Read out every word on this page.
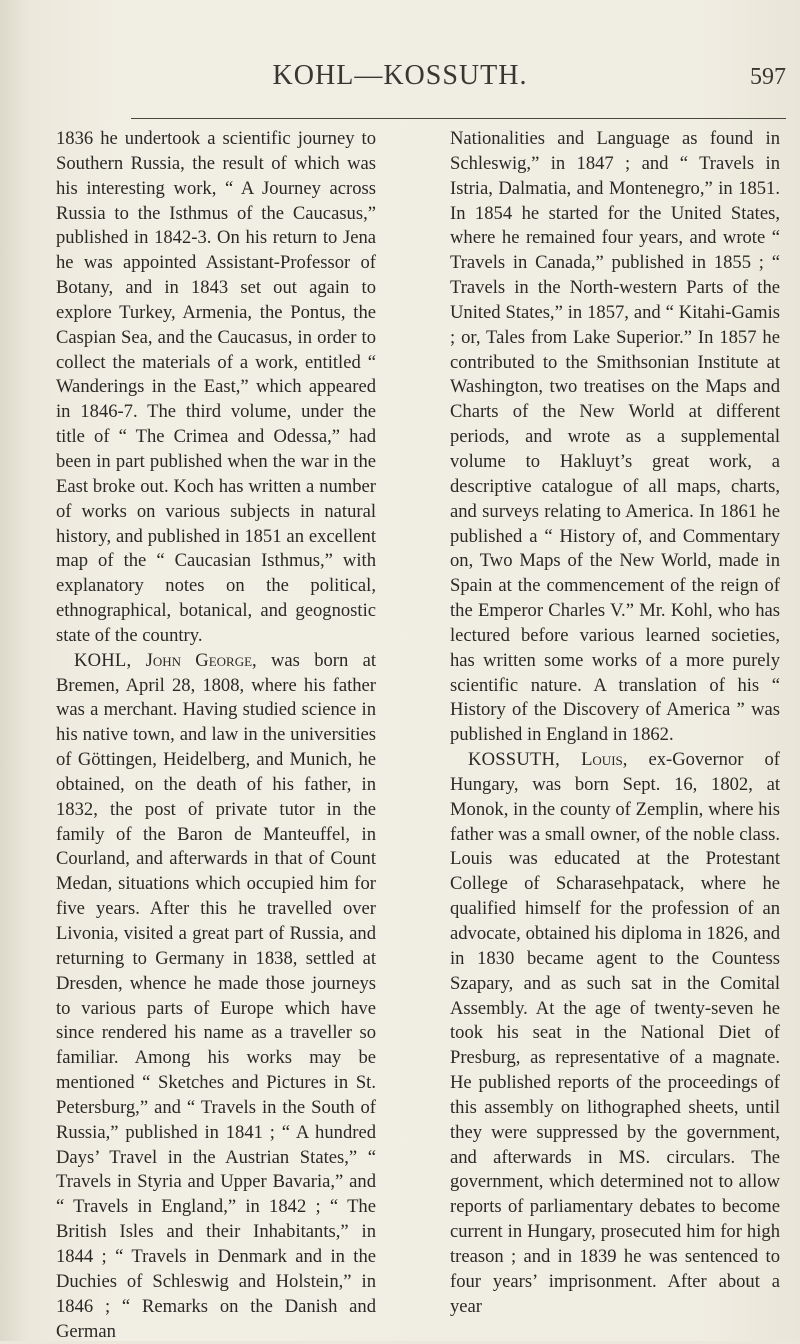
KOHL—KOSSUTH.	597

1836 he undertook a scientific journey to Southern Russia, the result of which was his interesting work, “ A Journey across Russia to the Isthmus of the Caucasus,” published in 1842-3. On his return to Jena he was appointed Assistant-Professor of Botany, and in 1843 set out again to explore Turkey, Armenia, the Pontus, the Caspian Sea, and the Caucasus, in order to collect the materials of a work, entitled “ Wanderings in the East,” which appeared in 1846-7. The third volume, under the title of “ The Crimea and Odessa,” had been in part published when the war in the East broke out. Koch has written a number of works on various subjects in natural history, and published in 1851 an excellent map of the “ Caucasian Isthmus,” with explanatory notes on the political, ethnographical, botanical, and geognostic state of the country.

KOHL, John George, was born at Bremen, April 28, 1808, where his father was a merchant. Having studied science in his native town, and law in the universities of Göttingen, Heidelberg, and Munich, he obtained, on the death of his father, in 1832, the post of private tutor in the family of the Baron de Manteuffel, in Courland, and afterwards in that of Count Medan, situations which occupied him for five years. After this he travelled over Livonia, visited a great part of Russia, and returning to Germany in 1838, settled at Dresden, whence he made those journeys to various parts of Europe which have since rendered his name as a traveller so familiar. Among his works may be mentioned “ Sketches and Pictures in St. Petersburg,” and “ Travels in the South of Russia,” published in 1841 ; “ A hundred Days’ Travel in the Austrian States,” “ Travels in Styria and Upper Bavaria,” and “ Travels in England,” in 1842 ; “ The British Isles and their Inhabitants,” in 1844 ; “ Travels in Denmark and in the Duchies of Schleswig and Holstein,” in 1846 ; “ Remarks on the Danish and German

Nationalities and Language as found in Schleswig,” in 1847 ; and “ Travels in Istria, Dalmatia, and Montenegro,” in 1851. In 1854 he started for the United States, where he remained four years, and wrote “ Travels in Canada,” published in 1855 ; “ Travels in the North-western Parts of the United States,” in 1857, and “ Kitahi-Gamis ; or, Tales from Lake Superior.” In 1857 he contributed to the Smithsonian Institute at Washington, two treatises on the Maps and Charts of the New World at different periods, and wrote as a supplemental volume to Hakluyt’s great work, a descriptive catalogue of all maps, charts, and surveys relating to America. In 1861 he published a “ History of, and Commentary on, Two Maps of the New World, made in Spain at the commencement of the reign of the Emperor Charles V.” Mr. Kohl, who has lectured before various learned societies, has written some works of a more purely scientific nature. A translation of his “ History of the Discovery of America ” was published in England in 1862.

KOSSUTH, Louis, ex-Governor of Hungary, was born Sept. 16, 1802, at Monok, in the county of Zemplin, where his father was a small owner, of the noble class. Louis was educated at the Protestant College of Scharasehpatack, where he qualified himself for the profession of an advocate, obtained his diploma in 1826, and in 1830 became agent to the Countess Szapary, and as such sat in the Comital Assembly. At the age of twenty-seven he took his seat in the National Diet of Presburg, as representative of a magnate. He published reports of the proceedings of this assembly on lithographed sheets, until they were suppressed by the government, and afterwards in MS. circulars. The government, which determined not to allow reports of parliamentary debates to become current in Hungary, prosecuted him for high treason ; and in 1839 he was sentenced to four years’ imprisonment. After about a year
